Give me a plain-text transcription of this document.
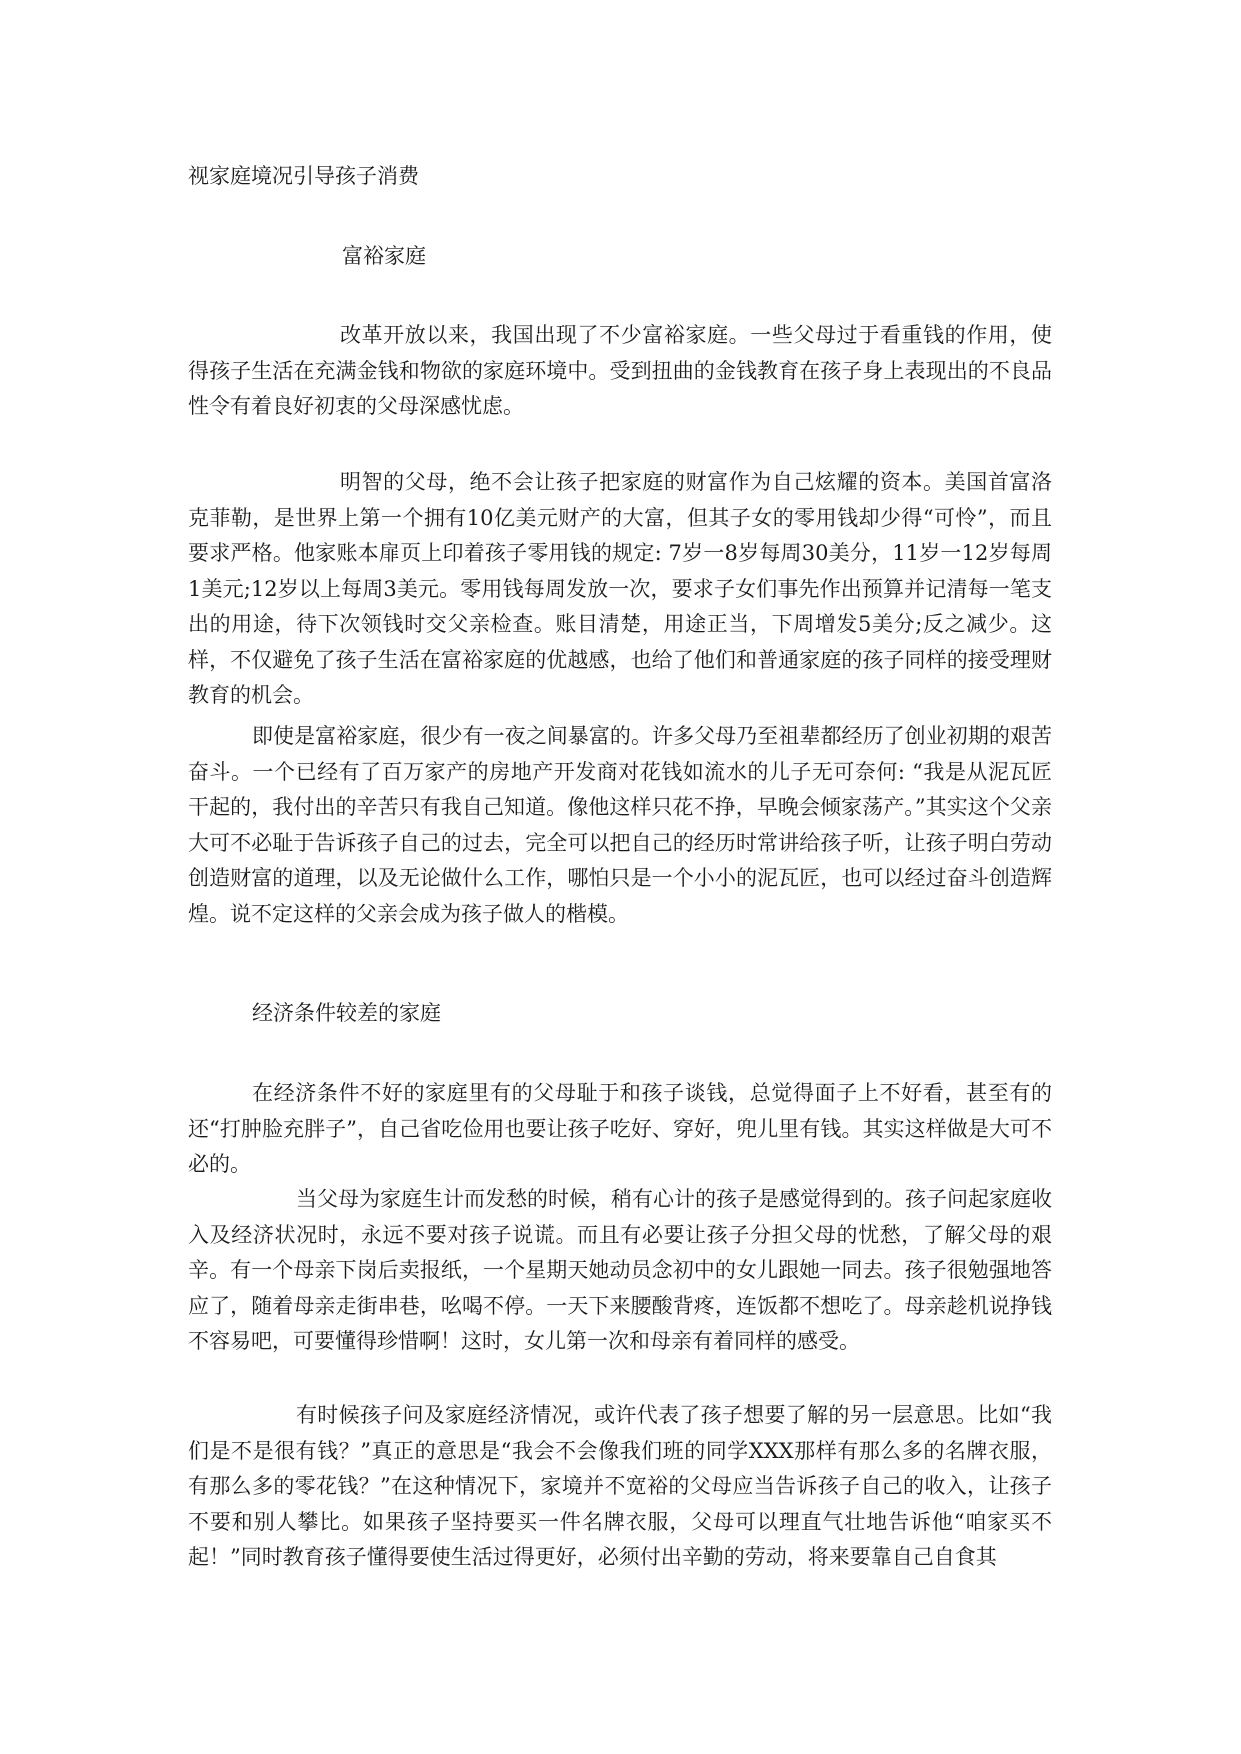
视家庭境况引导孩子消费
富裕家庭

改革开放以来，我国出现了不少富裕家庭。一些父母过于看重钱的作用，使得孩子生活在充满金钱和物欲的家庭环境中。受到扭曲的金钱教育在孩子身上表现出的不良品性令有着良好初衷的父母深感忧虑。

明智的父母，绝不会让孩子把家庭的财富作为自己炫耀的资本。美国首富洛克菲勒，是世界上第一个拥有10亿美元财产的大富，但其子女的零用钱却少得“可怜”，而且要求严格。他家账本扉页上印着孩子零用钱的规定: 7岁一8岁每周30美分，11岁一12岁每周1美元;12岁以上每周3美元。零用钱每周发放一次，要求子女们事先作出预算并记清每一笔支出的用途，待下次领钱时交父亲检查。账目清楚，用途正当，下周增发5美分;反之减少。这样，不仅避免了孩子生活在富裕家庭的优越感，也给了他们和普通家庭的孩子同样的接受理财教育的机会。

即使是富裕家庭，很少有一夜之间暴富的。许多父母乃至祖辈都经历了创业初期的艰苦奋斗。一个已经有了百万家产的房地产开发商对花钱如流水的儿子无可奈何: “我是从泥瓦匠干起的，我付出的辛苦只有我自己知道。像他这样只花不挣，早晚会倾家荡产。”其实这个父亲大可不必耻于告诉孩子自己的过去，完全可以把自己的经历时常讲给孩子听，让孩子明白劳动创造财富的道理，以及无论做什么工作，哪怕只是一个小小的泥瓦匠，也可以经过奋斗创造辉煌。说不定这样的父亲会成为孩子做人的楷模。

经济条件较差的家庭

在经济条件不好的家庭里有的父母耻于和孩子谈钱，总觉得面子上不好看，甚至有的还“打肿脸充胖子”，自己省吃俭用也要让孩子吃好、穿好，兜儿里有钱。其实这样做是大可不必的。

当父母为家庭生计而发愁的时候，稍有心计的孩子是感觉得到的。孩子问起家庭收入及经济状况时，永远不要对孩子说谎。而且有必要让孩子分担父母的忧愁，了解父母的艰辛。有一个母亲下岗后卖报纸，一个星期天她动员念初中的女儿跟她一同去。孩子很勉强地答应了，随着母亲走街串巷，吆喝不停。一天下来腰酸背疼，连饭都不想吃了。母亲趁机说挣钱不容易吧，可要懂得珍惜啊！这时，女儿第一次和母亲有着同样的感受。

有时候孩子问及家庭经济情况，或许代表了孩子想要了解的另一层意思。比如“我们是不是很有钱？”真正的意思是“我会不会像我们班的同学XXX那样有那么多的名牌衣服，有那么多的零花钱？”在这种情况下，家境并不宽裕的父母应当告诉孩子自己的收入，让孩子不要和别人攀比。如果孩子坚持要买一件名牌衣服，父母可以理直气壮地告诉他“咱家买不起！”同时教育孩子懂得要使生活过得更好，必须付出辛勤的劳动，将来要靠自己自食其
